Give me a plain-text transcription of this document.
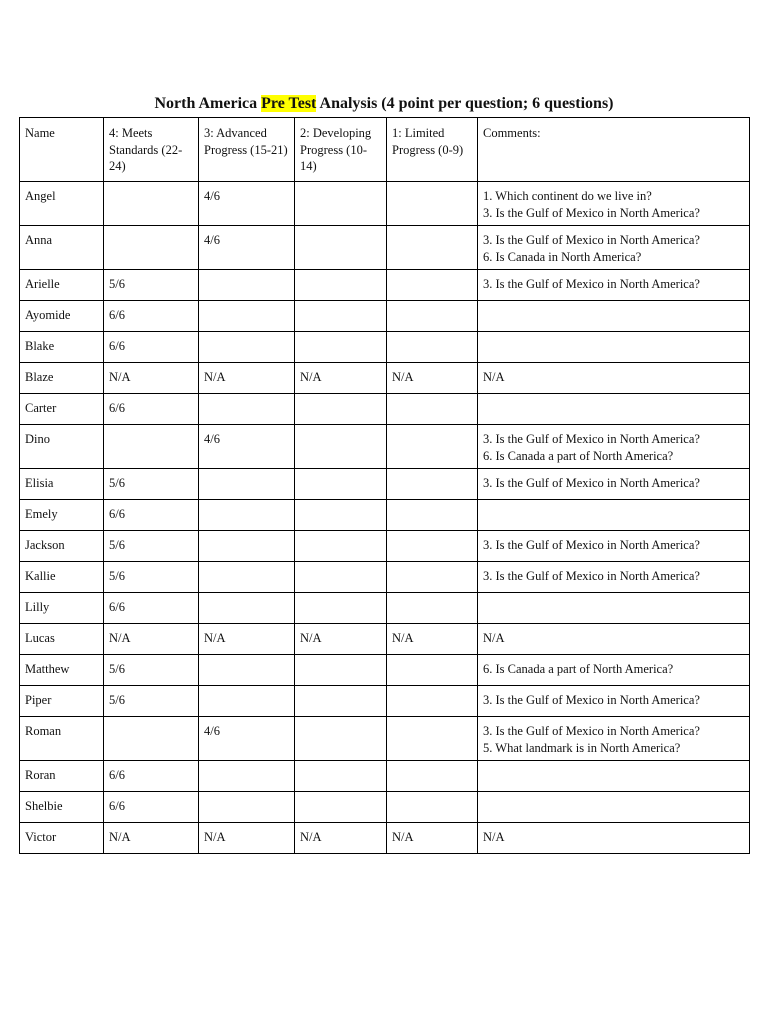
North America Pre Test Analysis (4 point per question; 6 questions)
Name	4: Meets Standards (22-24)	3: Advanced Progress (15-21)	2: Developing Progress (10-14)	1: Limited Progress (0-9)	Comments:
Angel		4/6			1. Which continent do we live in?
3. Is the Gulf of Mexico in North America?

Anna		4/6			3. Is the Gulf of Mexico in North America?
6. Is Canada in North America?

Arielle	5/6				3. Is the Gulf of Mexico in North America?

Ayomide	6/6				
Blake	6/6				
Blaze	N/A	N/A	N/A	N/A	N/A

Carter	6/6				
Dino		4/6			3. Is the Gulf of Mexico in North America?
6. Is Canada a part of North America?

Elisia	5/6				3. Is the Gulf of Mexico in North America?

Emely	6/6				
Jackson	5/6				3. Is the Gulf of Mexico in North America?

Kallie	5/6				3. Is the Gulf of Mexico in North America?

Lilly	6/6				
Lucas	N/A	N/A	N/A	N/A	N/A

Matthew	5/6				6. Is Canada a part of North America?

Piper	5/6				3. Is the Gulf of Mexico in North America?

Roman		4/6			3. Is the Gulf of Mexico in North America?
5. What landmark is in North America?

Roran	6/6				
Shelbie	6/6				
Victor	N/A	N/A	N/A	N/A	N/A
